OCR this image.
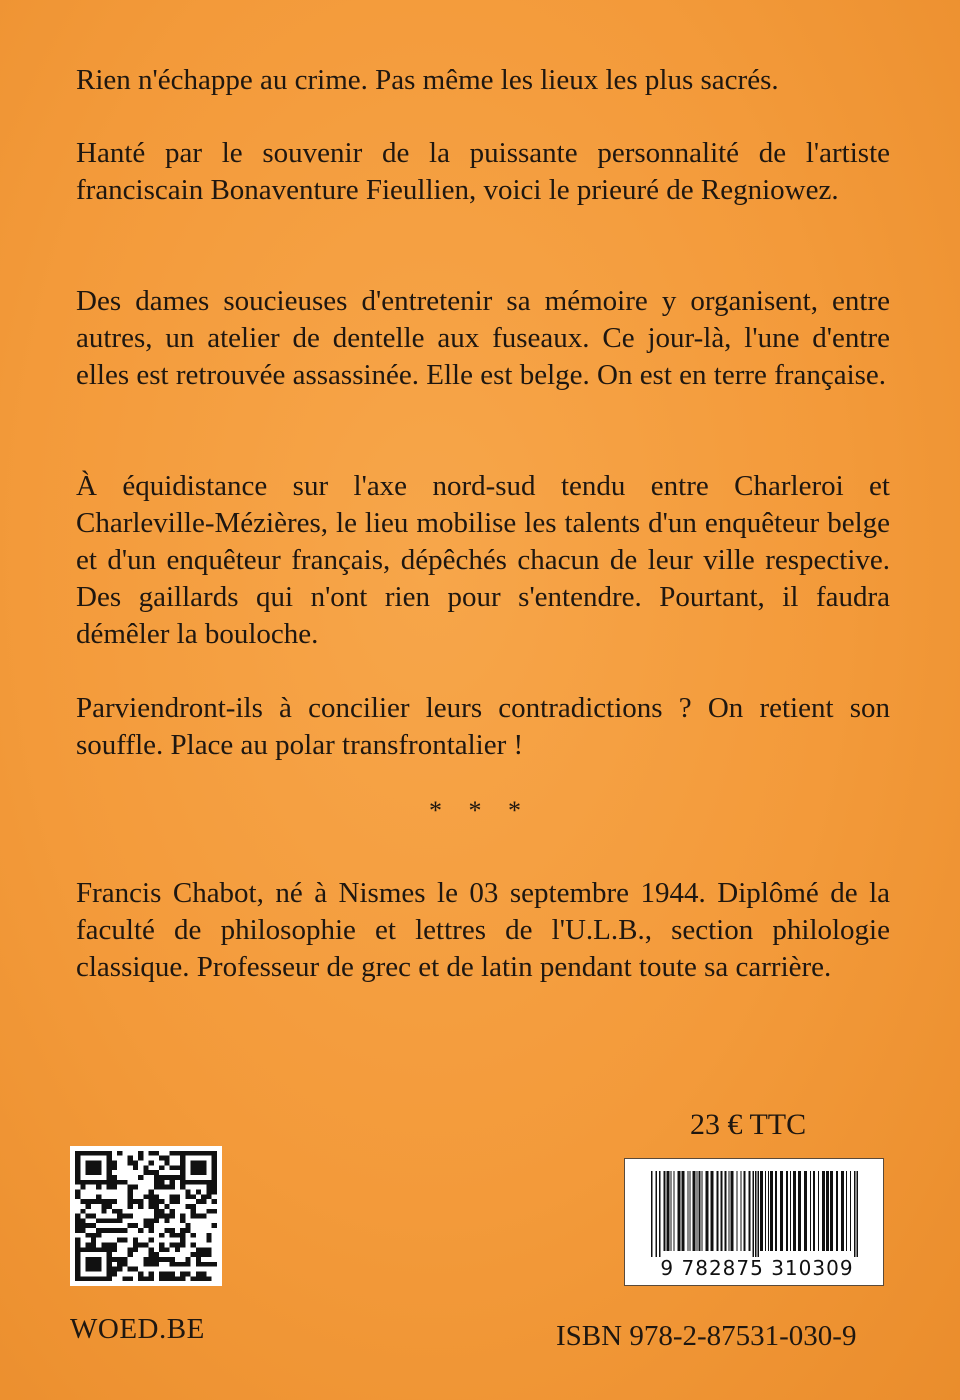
Rien n'échappe au crime. Pas même les lieux les plus sacrés.

Hanté par le souvenir de la puissante personnalité de l'artiste franciscain Bonaventure Fieullien, voici le prieuré de Regniowez.

Des dames soucieuses d'entretenir sa mémoire y organisent, entre autres, un atelier de dentelle aux fuseaux. Ce jour-là, l'une d'entre elles est retrouvée assassinée. Elle est belge. On est en terre française.

À équidistance sur l'axe nord-sud tendu entre Charleroi et Charleville-Mézières, le lieu mobilise les talents d'un enquêteur belge et d'un enquêteur français, dépêchés chacun de leur ville respective. Des gaillards qui n'ont rien pour s'entendre. Pourtant, il faudra démêler la bouloche.

Parviendront-ils à concilier leurs contradictions ? On retient son souffle. Place au polar transfrontalier !

* * *

Francis Chabot, né à Nismes le 03 septembre 1944. Diplômé de la faculté de philosophie et lettres de l'U.L.B., section philologie classique. Professeur de grec et de latin pendant toute sa carrière.

23 € TTC

WOED.BE

9 782875 310309

ISBN 978-2-87531-030-9
